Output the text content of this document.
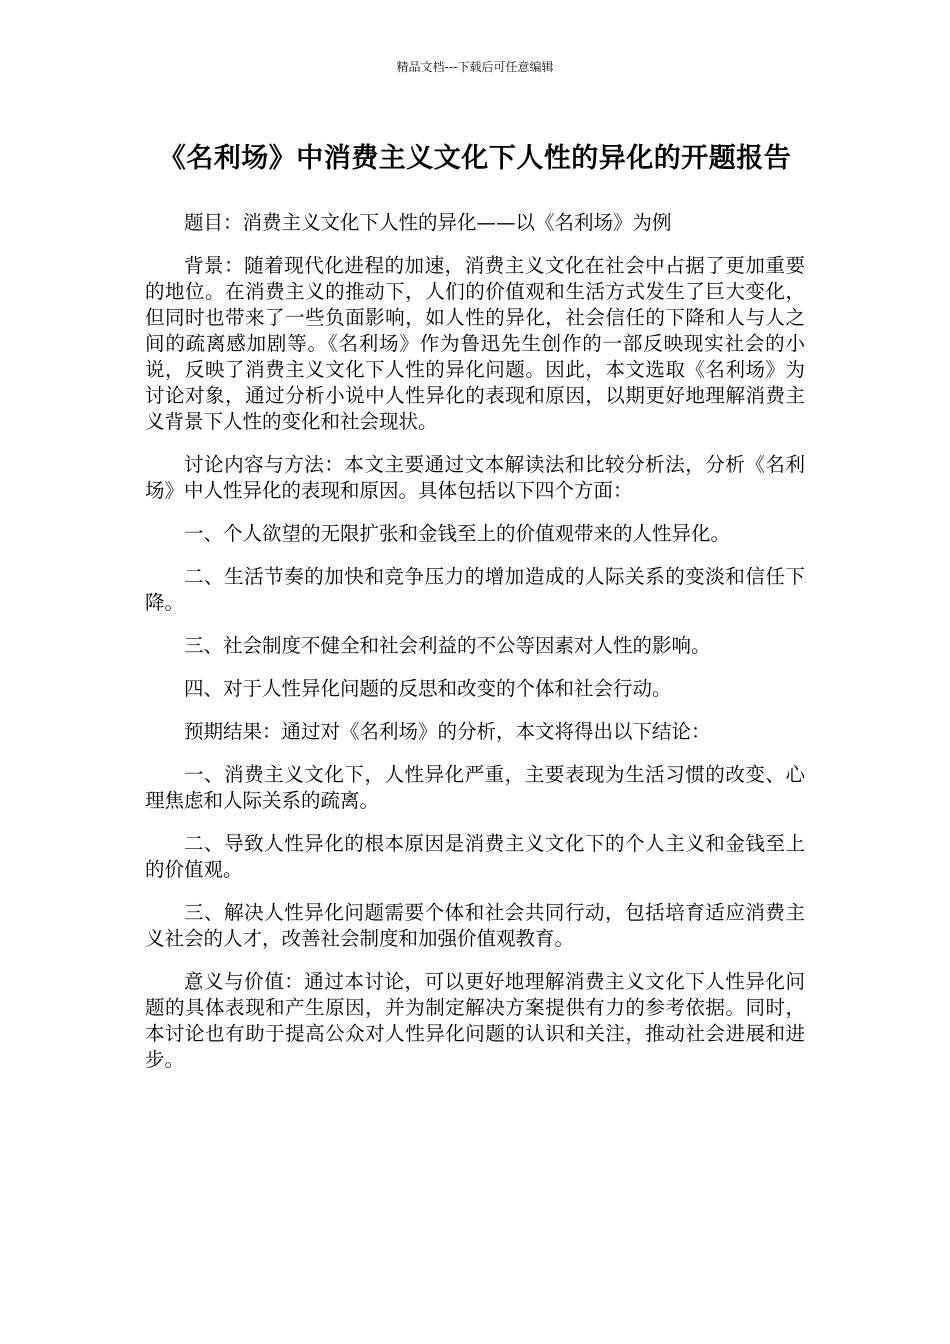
精品文档---下载后可任意编辑
《名利场》中消费主义文化下人性的异化的开题报告

题目：消费主义文化下人性的异化——以《名利场》为例

背景：随着现代化进程的加速，消费主义文化在社会中占据了更加重要的地位。在消费主义的推动下，人们的价值观和生活方式发生了巨大变化，但同时也带来了一些负面影响，如人性的异化，社会信任的下降和人与人之间的疏离感加剧等。《名利场》作为鲁迅先生创作的一部反映现实社会的小说，反映了消费主义文化下人性的异化问题。因此，本文选取《名利场》为讨论对象，通过分析小说中人性异化的表现和原因，以期更好地理解消费主义背景下人性的变化和社会现状。

讨论内容与方法：本文主要通过文本解读法和比较分析法，分析《名利场》中人性异化的表现和原因。具体包括以下四个方面：

一、个人欲望的无限扩张和金钱至上的价值观带来的人性异化。

二、生活节奏的加快和竞争压力的增加造成的人际关系的变淡和信任下降。

三、社会制度不健全和社会利益的不公等因素对人性的影响。

四、对于人性异化问题的反思和改变的个体和社会行动。

预期结果：通过对《名利场》的分析，本文将得出以下结论：

一、消费主义文化下，人性异化严重，主要表现为生活习惯的改变、心理焦虑和人际关系的疏离。

二、导致人性异化的根本原因是消费主义文化下的个人主义和金钱至上的价值观。

三、解决人性异化问题需要个体和社会共同行动，包括培育适应消费主义社会的人才，改善社会制度和加强价值观教育。

意义与价值：通过本讨论，可以更好地理解消费主义文化下人性异化问题的具体表现和产生原因，并为制定解决方案提供有力的参考依据。同时，本讨论也有助于提高公众对人性异化问题的认识和关注，推动社会进展和进步。
